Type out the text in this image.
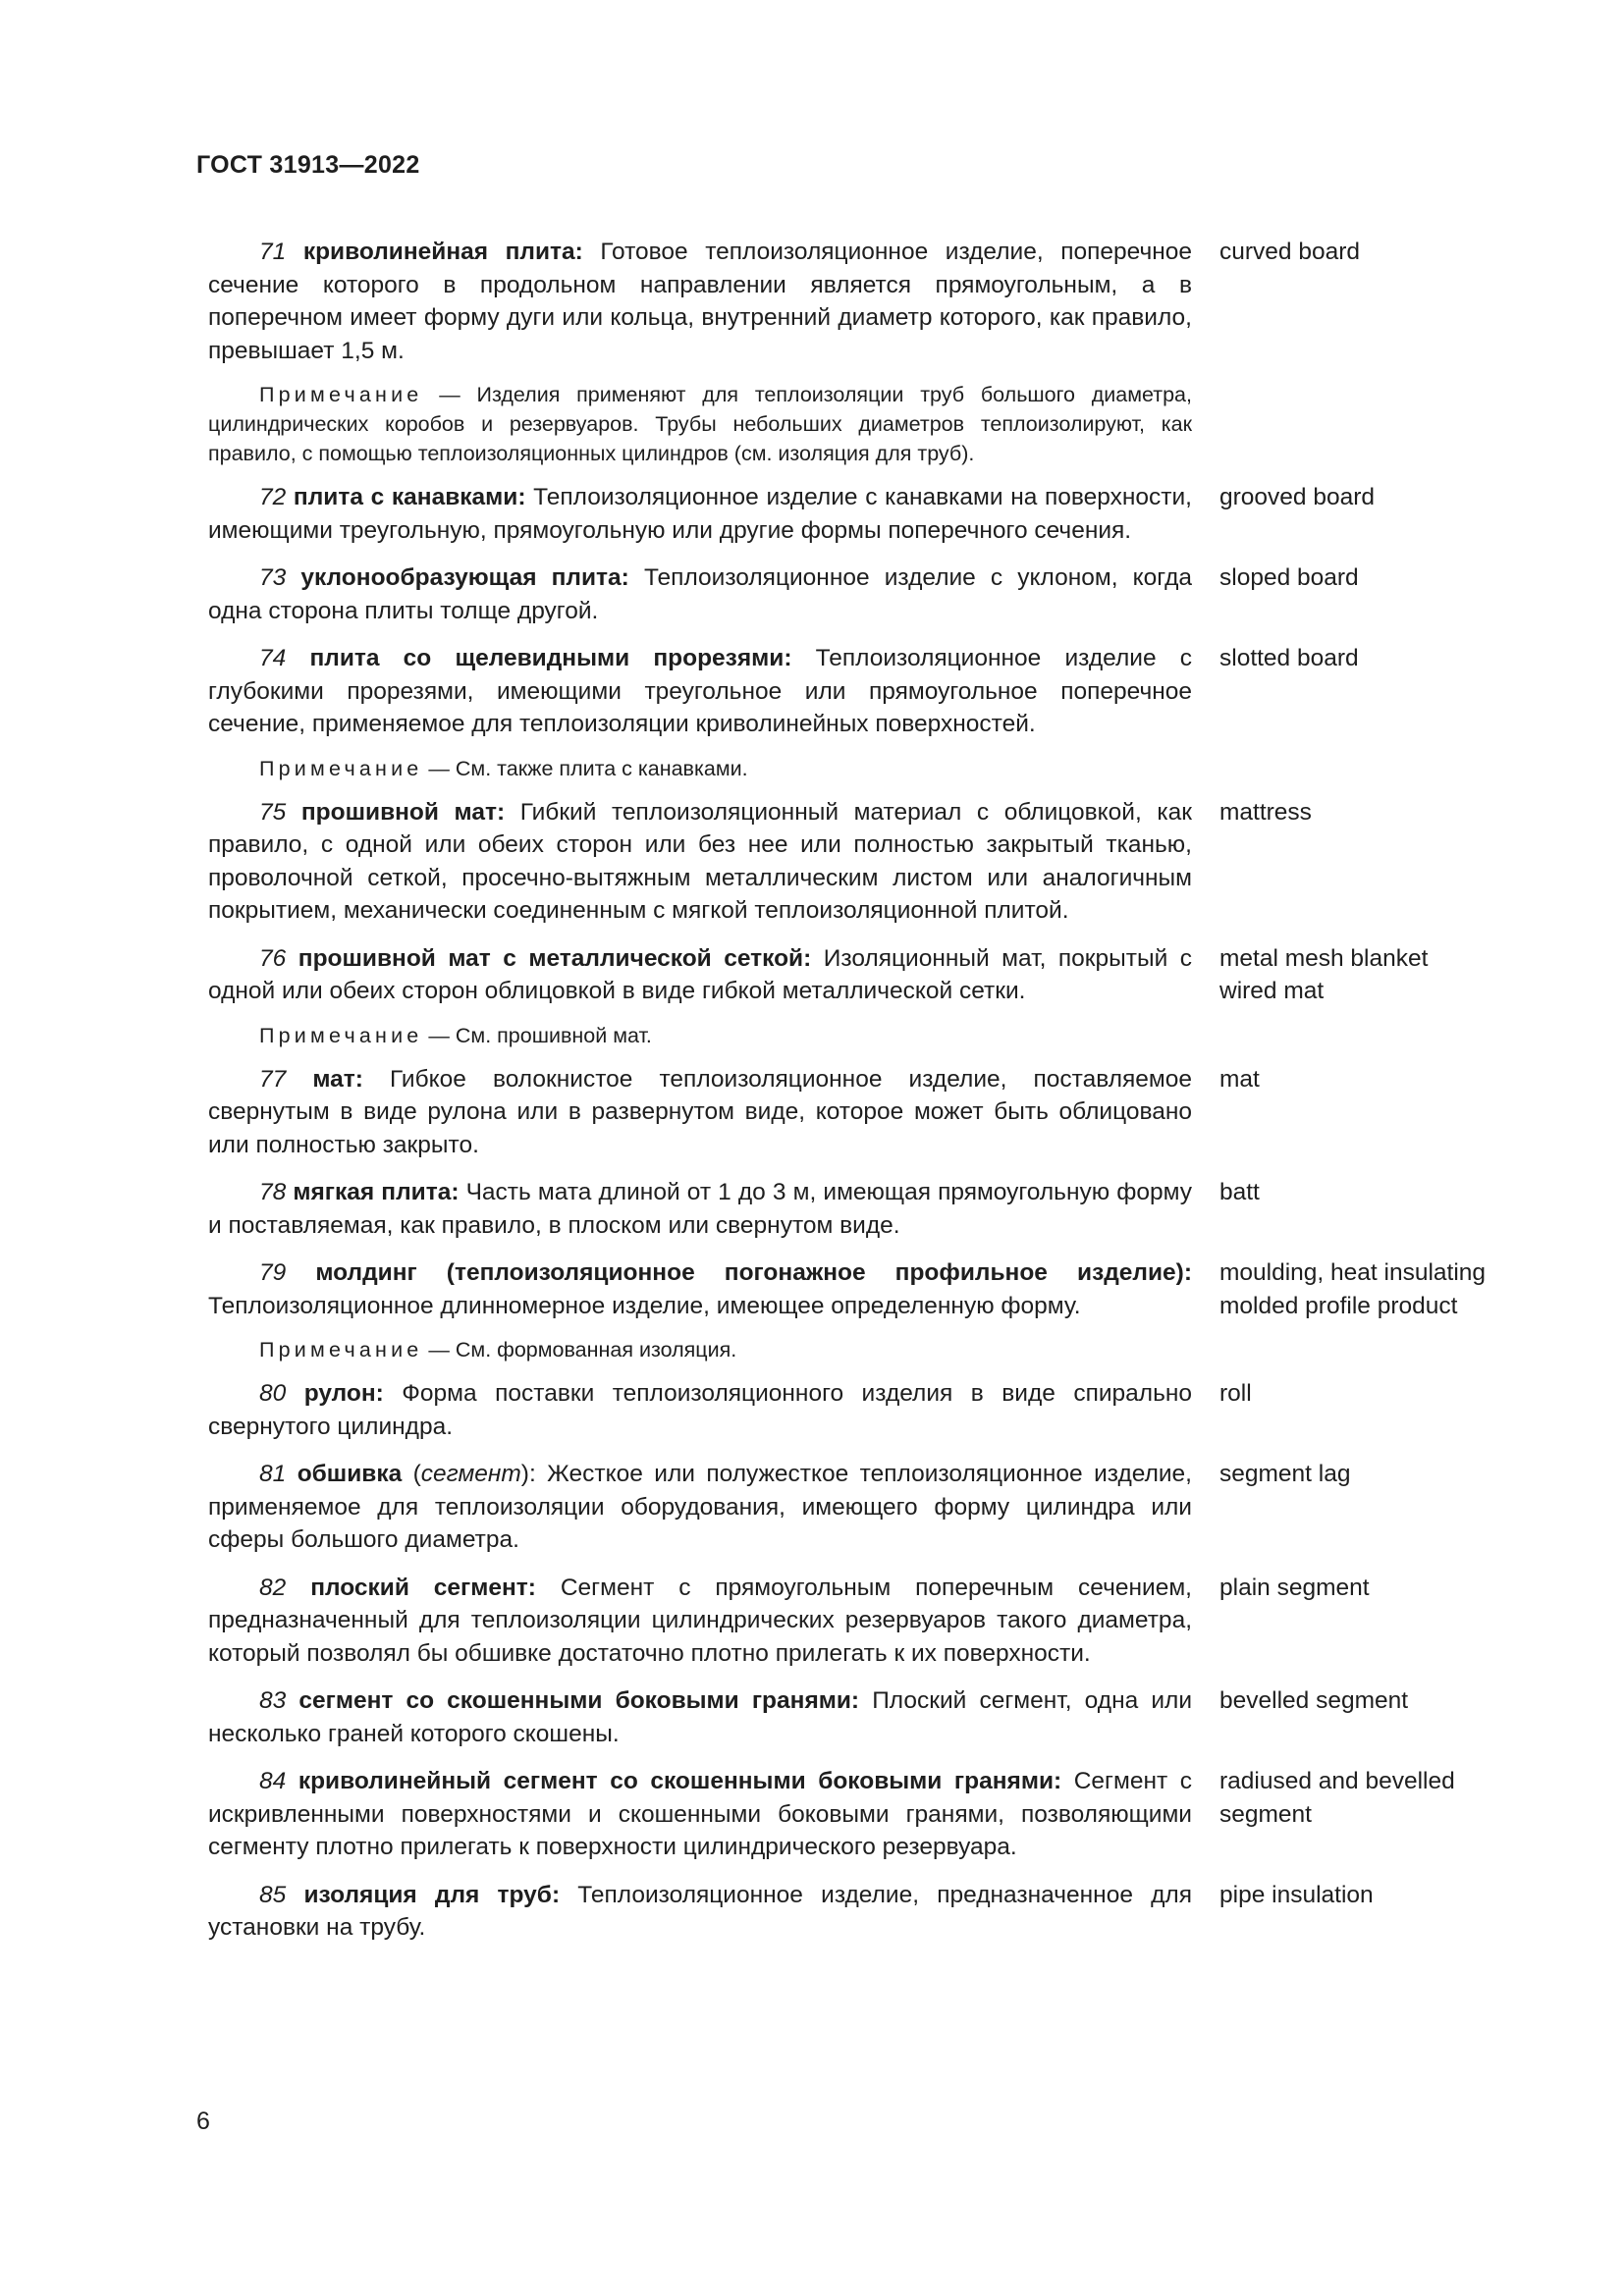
ГОСТ 31913—2022
71 криволинейная плита: Готовое теплоизоляционное изделие, поперечное сечение которого в продольном направлении является прямоугольным, а в поперечном имеет форму дуги или кольца, внутренний диаметр которого, как правило, превышает 1,5 м.
curved board
Примечание — Изделия применяют для теплоизоляции труб большого диаметра, цилиндрических коробов и резервуаров. Трубы небольших диаметров теплоизолируют, как правило, с помощью теплоизоляционных цилиндров (см. изоляция для труб).
72 плита с канавками: Теплоизоляционное изделие с канавками на поверхности, имеющими треугольную, прямоугольную или другие формы поперечного сечения.
grooved board
73 уклонообразующая плита: Теплоизоляционное изделие с уклоном, когда одна сторона плиты толще другой.
sloped board
74 плита со щелевидными прорезями: Теплоизоляционное изделие с глубокими прорезями, имеющими треугольное или прямоугольное поперечное сечение, применяемое для теплоизоляции криволинейных поверхностей.
slotted board
Примечание — См. также плита с канавками.
75 прошивной мат: Гибкий теплоизоляционный материал с облицовкой, как правило, с одной или обеих сторон или без нее или полностью закрытый тканью, проволочной сеткой, просечно-вытяжным металлическим листом или аналогичным покрытием, механически соединенным с мягкой теплоизоляционной плитой.
mattress
76 прошивной мат с металлической сеткой: Изоляционный мат, покрытый с одной или обеих сторон облицовкой в виде гибкой металлической сетки.
metal mesh blanket
wired mat
Примечание — См. прошивной мат.
77 мат: Гибкое волокнистое теплоизоляционное изделие, поставляемое свернутым в виде рулона или в развернутом виде, которое может быть облицовано или полностью закрыто.
mat
78 мягкая плита: Часть мата длиной от 1 до 3 м, имеющая прямоугольную форму и поставляемая, как правило, в плоском или свернутом виде.
batt
79 молдинг (теплоизоляционное погонажное профильное изделие): Теплоизоляционное длинномерное изделие, имеющее определенную форму.
moulding, heat insulating
molded profile product
Примечание — См. формованная изоляция.
80 рулон: Форма поставки теплоизоляционного изделия в виде спирально свернутого цилиндра.
roll
81 обшивка (сегмент): Жесткое или полужесткое теплоизоляционное изделие, применяемое для теплоизоляции оборудования, имеющего форму цилиндра или сферы большого диаметра.
segment lag
82 плоский сегмент: Сегмент с прямоугольным поперечным сечением, предназначенный для теплоизоляции цилиндрических резервуаров такого диаметра, который позволял бы обшивке достаточно плотно прилегать к их поверхности.
plain segment
83 сегмент со скошенными боковыми гранями: Плоский сегмент, одна или несколько граней которого скошены.
bevelled segment
84 криволинейный сегмент со скошенными боковыми гранями: Сегмент с искривленными поверхностями и скошенными боковыми гранями, позволяющими сегменту плотно прилегать к поверхности цилиндрического резервуара.
radiused and bevelled
segment
85 изоляция для труб: Теплоизоляционное изделие, предназначенное для установки на трубу.
pipe insulation
6
